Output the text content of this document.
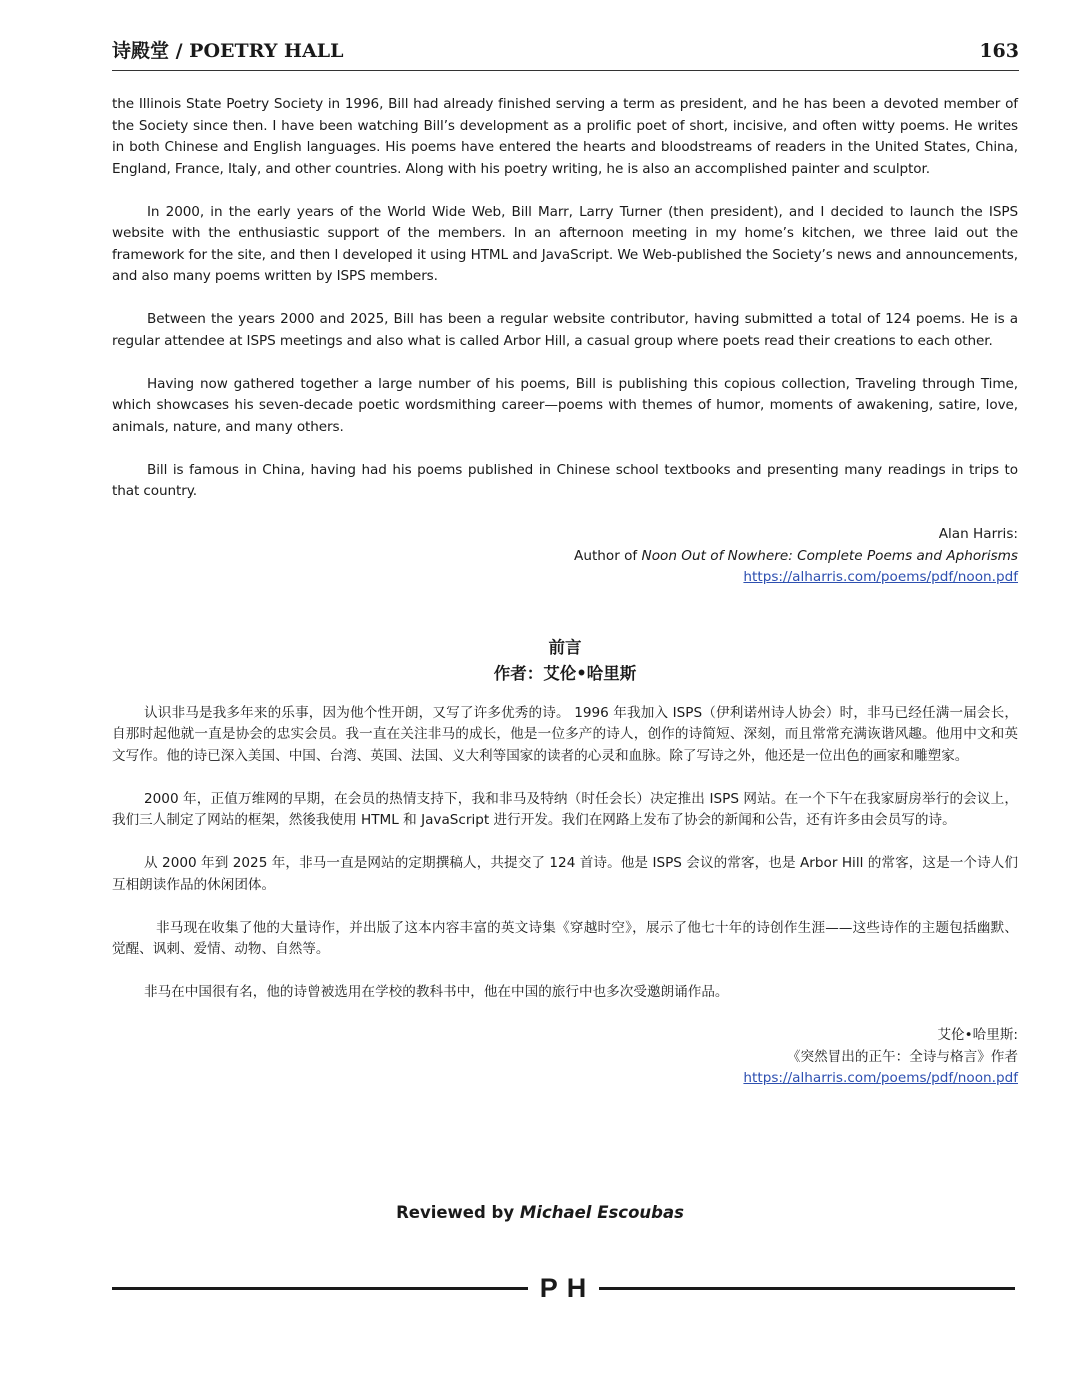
诗殿堂 / POETRY HALL	163

the Illinois State Poetry Society in 1996, Bill had already finished serving a term as president, and he has been a devoted member of the Society since then. I have been watching Bill’s development as a prolific poet of short, incisive, and often witty poems. He writes in both Chinese and English languages. His poems have entered the hearts and bloodstreams of readers in the United States, China, England, France, Italy, and other countries. Along with his poetry writing, he is also an accomplished painter and sculptor.

In 2000, in the early years of the World Wide Web, Bill Marr, Larry Turner (then president), and I decided to launch the ISPS website with the enthusiastic support of the members. In an afternoon meeting in my home’s kitchen, we three laid out the framework for the site, and then I developed it using HTML and JavaScript. We Web-published the Society’s news and announcements, and also many poems written by ISPS members.

Between the years 2000 and 2025, Bill has been a regular website contributor, having submitted a total of 124 poems. He is a regular attendee at ISPS meetings and also what is called Arbor Hill, a casual group where poets read their creations to each other.

Having now gathered together a large number of his poems, Bill is publishing this copious collection, Traveling through Time, which showcases his seven-decade poetic wordsmithing career—poems with themes of humor, moments of awakening, satire, love, animals, nature, and many others.

Bill is famous in China, having had his poems published in Chinese school textbooks and presenting many readings in trips to that country.

Alan Harris:
Author of Noon Out of Nowhere: Complete Poems and Aphorisms
https://alharris.com/poems/pdf/noon.pdf
前言
作者：艾伦•哈里斯

认识非马是我多年来的乐事，因为他个性开朗，又写了许多优秀的诗。 1996 年我加入 ISPS（伊利诺州诗人协会）时，非马已经任满一届会长，自那时起他就一直是协会的忠实会员。我一直在关注非马的成长，他是一位多产的诗人，创作的诗简短、深刻，而且常常充满诙谐风趣。他用中文和英文写作。他的诗已深入美国、中国、台湾、英国、法国、义大利等国家的读者的心灵和血脉。除了写诗之外，他还是一位出色的画家和雕塑家。

2000 年，正值万维网的早期，在会员的热情支持下，我和非马及特纳（时任会长）决定推出 ISPS 网站。在一个下午在我家厨房举行的会议上，我们三人制定了网站的框架，然後我使用 HTML 和 JavaScript 进行开发。我们在网路上发布了协会的新闻和公告，还有许多由会员写的诗。

从 2000 年到 2025 年，非马一直是网站的定期撰稿人，共提交了 124 首诗。他是 ISPS 会议的常客，也是 Arbor Hill 的常客，这是一个诗人们互相朗读作品的休闲团体。

非马现在收集了他的大量诗作，并出版了这本内容丰富的英文诗集《穿越时空》，展示了他七十年的诗创作生涯——这些诗作的主题包括幽默、觉醒、讽刺、爱情、动物、自然等。

非马在中国很有名，他的诗曾被选用在学校的教科书中，他在中国的旅行中也多次受邀朗诵作品。

艾伦•哈里斯:
《突然冒出的正午：全诗与格言》作者
https://alharris.com/poems/pdf/noon.pdf
Reviewed by Michael Escoubas
PH
